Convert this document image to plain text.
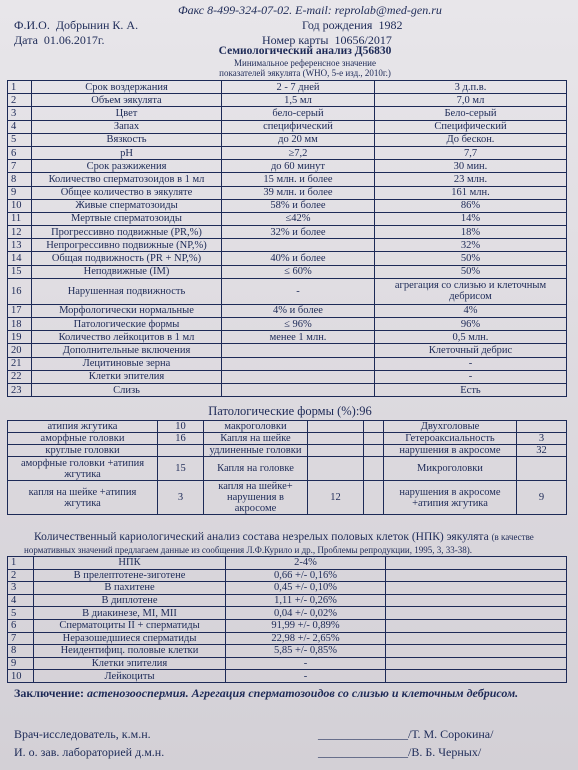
Факс 8-499-324-07-02. E-mail: reprolab@med-gen.ru
Ф.И.О. Добрынин К. А.	Год рождения 1982
Дата 01.06.2017г.	Номер карты 10656/2017
Семиологический анализ Д56830
Минимальное референсное значение
показателей эякулята (WHO, 5-е изд., 2010г.)
1	Срок воздержания	2 - 7 дней	3 д.п.в.
2	Объем эякулята	1,5 мл	7,0 мл
3	Цвет	бело-серый	Бело-серый
4	Запах	специфический	Специфический
5	Вязкость	до 20 мм	До бескон.
6	pH	≥7,2	7,7
7	Срок разжижения	до 60 минут	30 мин.
8	Количество сперматозоидов в 1 мл	15 млн. и более	23 млн.
9	Общее количество в эякуляте	39 млн. и более	161 млн.
10	Живые сперматозоиды	58% и более	86%
11	Мертвые сперматозоиды	≤42%	14%
12	Прогрессивно подвижные (PR,%)	32% и более	18%
13	Непрогрессивно подвижные (NP,%)		32%
14	Общая подвижность (PR + NP,%)	40% и более	50%
15	Неподвижные (IM)	≤ 60%	50%
16	Нарушенная подвижность	-	агрегация со слизью и клеточным дебрисом
17	Морфологически нормальные	4% и более	4%
18	Патологические формы	≤ 96%	96%
19	Количество лейкоцитов в 1 мл	менее 1 млн.	0,5 млн.
20	Дополнительные включения		Клеточный дебрис
21	Лецитиновые зерна		-
22	Клетки эпителия		-
23	Слизь		Есть
Патологические формы (%):96
атипия жгутика	10	макроголовки			Двухголовые	
аморфные головки	16	Капля на шейке			Гетероаксиальность	3
круглые головки		удлиненные головки			нарушения в акросоме	32
аморфные головки +атипия жгутика	15	Капля на головке			Микроголовки	
капля на шейке +атипия жгутика	3	капля на шейке+ нарушения в акросоме	12		нарушения в акросоме +атипия жгутика	9
Количественный кариологический анализ состава незрелых половых клеток (НПК) эякулята (в качестве
нормативных значений предлагаем данные из сообщения Л.Ф.Курило и др., Проблемы репродукции, 1995, 3, 33-38).
1	НПК	2-4%	
2	В прелептотене-зиготене	0,66 +/- 0,16%	
3	В пахитене	0,45 +/- 0,10%	
4	В диплотене	1,11 +/- 0,26%	
5	В диакинезе, МI, МII	0,04 +/- 0,02%	
6	Сперматоциты II + сперматиды	91,99 +/- 0,89%	
7	Неразошедшиеся сперматиды	22,98 +/- 2,65%	
8	Неидентифиц. половые клетки	5,85 +/- 0,85%	
9	Клетки эпителия	-	
10	Лейкоциты	-	
Заключение: астенозооспермия. Агрегация сперматозоидов со слизью и клеточным дебрисом.
Врач-исследователь, к.м.н.	_______________/Т. М. Сорокина/
И. о. зав. лабораторией д.м.н.	_______________/В. Б. Черных/
